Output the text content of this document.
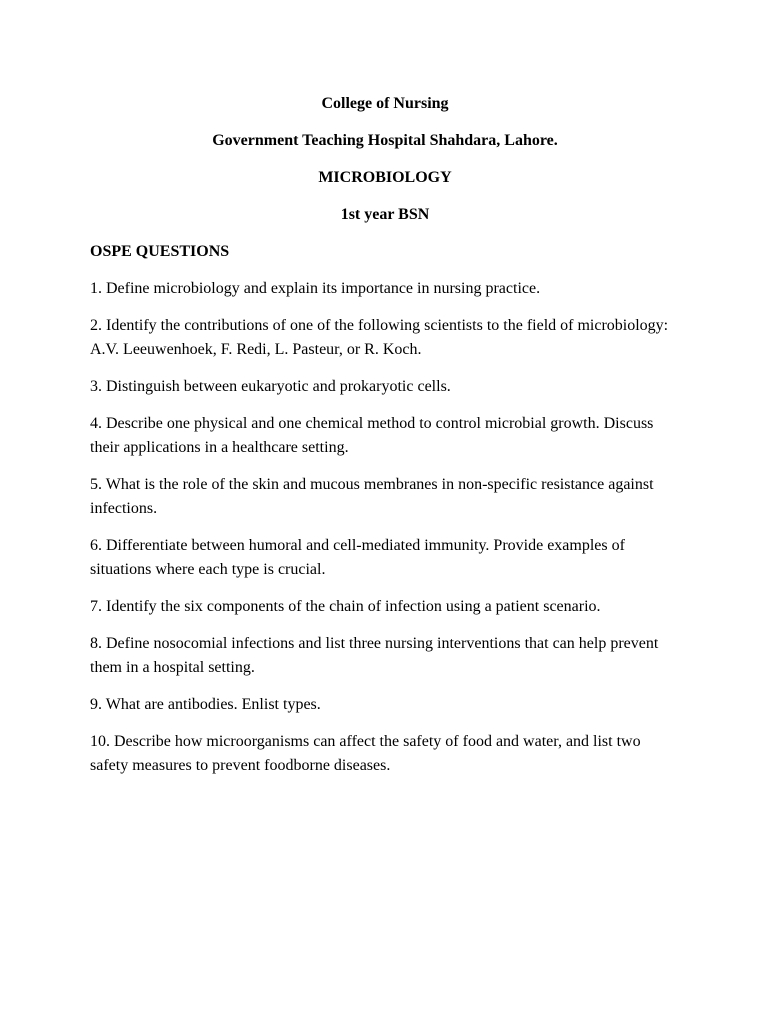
College of Nursing
Government Teaching Hospital Shahdara, Lahore.
MICROBIOLOGY
1st year BSN
OSPE QUESTIONS

1. Define microbiology and explain its importance in nursing practice.

2. Identify the contributions of one of the following scientists to the field of microbiology: A.V. Leeuwenhoek, F. Redi, L. Pasteur, or R. Koch.

3. Distinguish between eukaryotic and prokaryotic cells.

4. Describe one physical and one chemical method to control microbial growth. Discuss their applications in a healthcare setting.

5. What is the role of the skin and mucous membranes in non-specific resistance against infections.

6. Differentiate between humoral and cell-mediated immunity. Provide examples of situations where each type is crucial.

7. Identify the six components of the chain of infection using a patient scenario.

8. Define nosocomial infections and list three nursing interventions that can help prevent them in a hospital setting.

9. What are antibodies. Enlist types.

10. Describe how microorganisms can affect the safety of food and water, and list two safety measures to prevent foodborne diseases.
